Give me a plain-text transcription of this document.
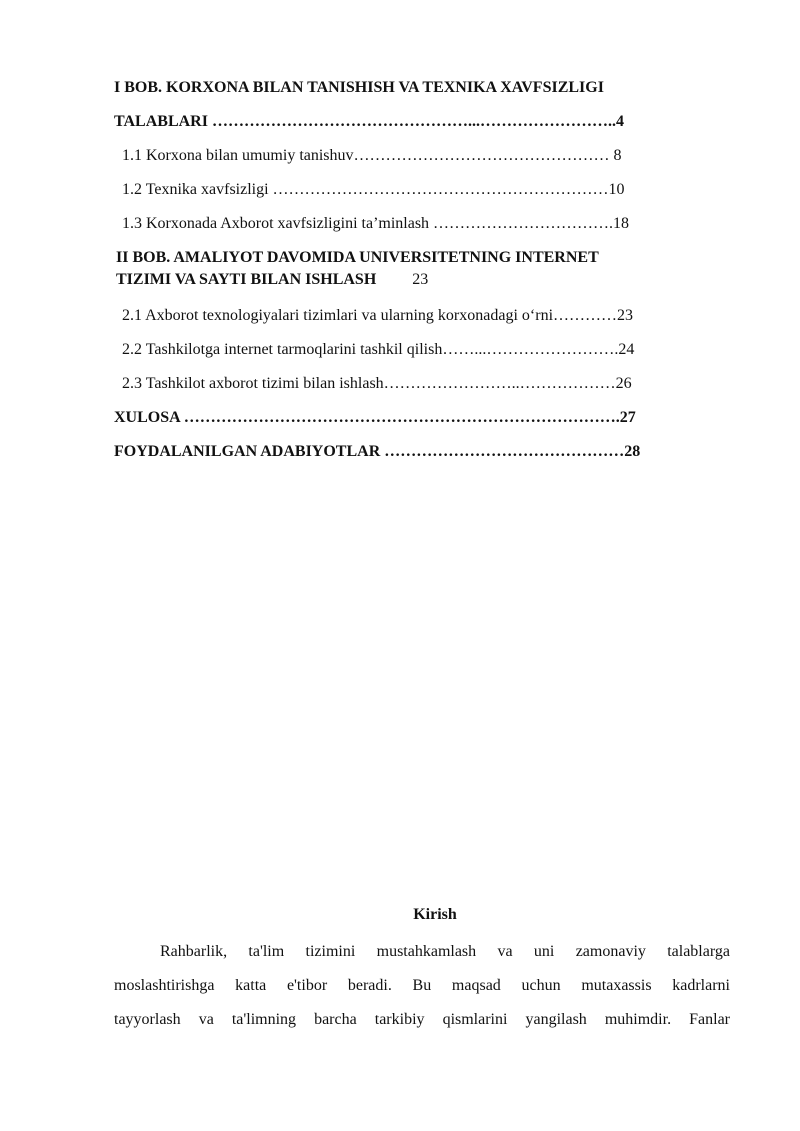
I BOB. KORXONA BILAN TANISHISH VA TEXNIKA XAVFSIZLIGI
TALABLARI …………………………………………...……………………..4
1.1 Korxona bilan umumiy tanishuv………………………………………… 8
1.2 Texnika xavfsizligi ………………………………………………………10
1.3 Korxonada Axborot xavfsizligini ta’minlash …………………………….18
II BOB. AMALIYOT DAVOMIDA UNIVERSITETNING INTERNET
TIZIMI VA SAYTI BILAN ISHLASH 23
2.1 Axborot texnologiyalari tizimlari va ularning korxonadagi o‘rni…………23
2.2 Tashkilotga internet tarmoqlarini tashkil qilish……...…………………….24
2.3 Tashkilot axborot tizimi bilan ishlash……………………..………………26
XULOSA ……………………………………………………………………….27
FOYDALANILGAN ADABIYOTLAR ………………………………………28
Kirish
Rahbarlik, ta'lim tizimini mustahkamlash va uni zamonaviy talablarga
moslashtirishga katta e'tibor beradi. Bu maqsad uchun mutaxassis kadrlarni
tayyorlash va ta'limning barcha tarkibiy qismlarini yangilash muhimdir. Fanlar
